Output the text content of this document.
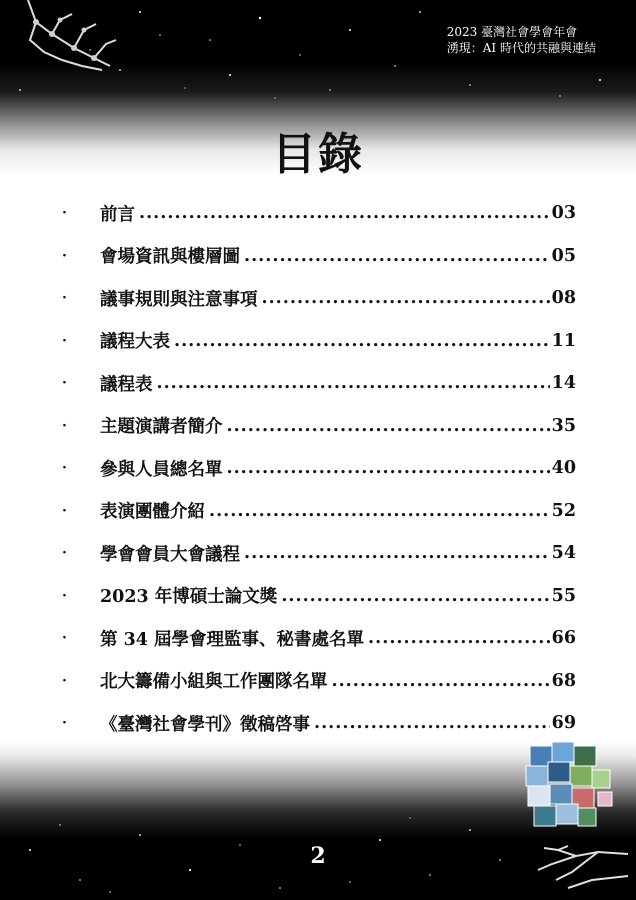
2023 臺灣社會學會年會
湧現：AI 時代的共融與連結
目錄
·	前言 .....	03
·	會場資訊與樓層圖 .....	05
·	議事規則與注意事項 .....	08
·	議程大表 .....	11
·	議程表 .....	14
·	主題演講者簡介 .....	35
·	參與人員總名單 .....	40
·	表演團體介紹 .....	52
·	學會會員大會議程 .....	54
·	2023 年博碩士論文獎 .....	55
·	第 34 屆學會理監事、秘書處名單 .....	66
·	北大籌備小組與工作團隊名單 .....	68
·	《臺灣社會學刊》徵稿啓事 .....	69
2
